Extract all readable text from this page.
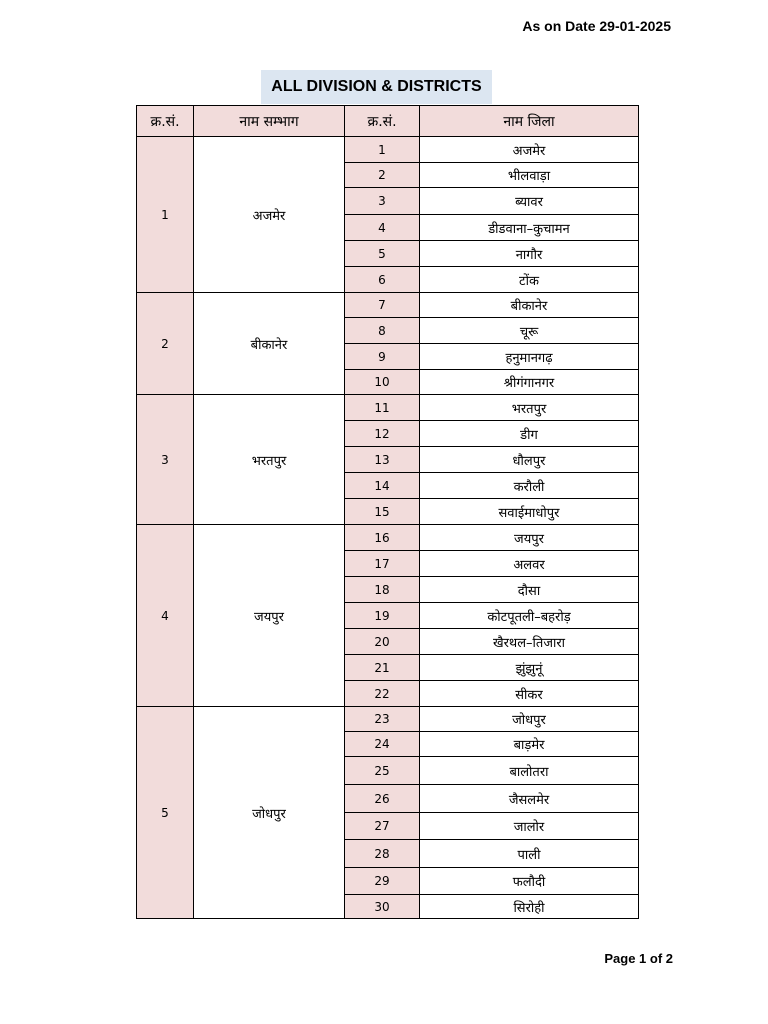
As on Date 29-01-2025
ALL DIVISION & DISTRICTS
क्र.सं.	नाम सम्भाग	क्र.सं.	नाम जिला
1	अजमेर	1	अजमेर
		2	भीलवाड़ा
		3	ब्यावर
		4	डीडवाना–कुचामन
		5	नागौर
		6	टोंक
2	बीकानेर	7	बीकानेर
		8	चूरू
		9	हनुमानगढ़
		10	श्रीगंगानगर
3	भरतपुर	11	भरतपुर
		12	डीग
		13	धौलपुर
		14	करौली
		15	सवाईमाधोपुर
4	जयपुर	16	जयपुर
		17	अलवर
		18	दौसा
		19	कोटपूतली–बहरोड़
		20	खैरथल–तिजारा
		21	झुंझुनूं
		22	सीकर
5	जोधपुर	23	जोधपुर
		24	बाड़मेर
		25	बालोतरा
		26	जैसलमेर
		27	जालोर
		28	पाली
		29	फलौदी
		30	सिरोही
Page 1 of 2
